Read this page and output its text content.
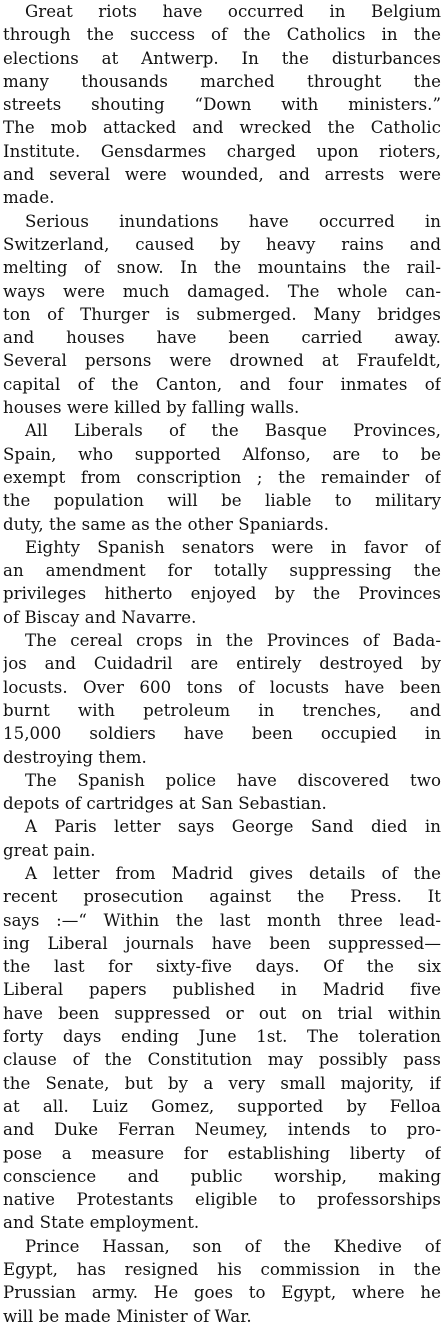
Great riots have occurred in Belgium
through the success of the Catholics in the
elections at Antwerp. In the disturbances
many thousands marched throught the
streets shouting “Down with ministers.”
The mob attacked and wrecked the Catholic
Institute. Gensdarmes charged upon rioters,
and several were wounded, and arrests were
made.
Serious inundations have occurred in
Switzerland, caused by heavy rains and
melting of snow. In the mountains the rail-
ways were much damaged. The whole can-
ton of Thurger is submerged. Many bridges
and houses have been carried away.
Several persons were drowned at Fraufeldt,
capital of the Canton, and four inmates of
houses were killed by falling walls.
All Liberals of the Basque Provinces,
Spain, who supported Alfonso, are to be
exempt from conscription ; the remainder of
the population will be liable to military
duty, the same as the other Spaniards.
Eighty Spanish senators were in favor of
an amendment for totally suppressing the
privileges hitherto enjoyed by the Provinces
of Biscay and Navarre.
The cereal crops in the Provinces of Bada-
jos and Cuidadril are entirely destroyed by
locusts. Over 600 tons of locusts have been
burnt with petroleum in trenches, and
15,000 soldiers have been occupied in
destroying them.
The Spanish police have discovered two
depots of cartridges at San Sebastian.
A Paris letter says George Sand died in
great pain.
A letter from Madrid gives details of the
recent prosecution against the Press. It
says :—“ Within the last month three lead-
ing Liberal journals have been suppressed—
the last for sixty-five days. Of the six
Liberal papers published in Madrid five
have been suppressed or out on trial within
forty days ending June 1st. The toleration
clause of the Constitution may possibly pass
the Senate, but by a very small majority, if
at all. Luiz Gomez, supported by Felloa
and Duke Ferran Neumey, intends to pro-
pose a measure for establishing liberty of
conscience and public worship, making
native Protestants eligible to professorships
and State employment.
Prince Hassan, son of the Khedive of
Egypt, has resigned his commission in the
Prussian army. He goes to Egypt, where he
will be made Minister of War.
